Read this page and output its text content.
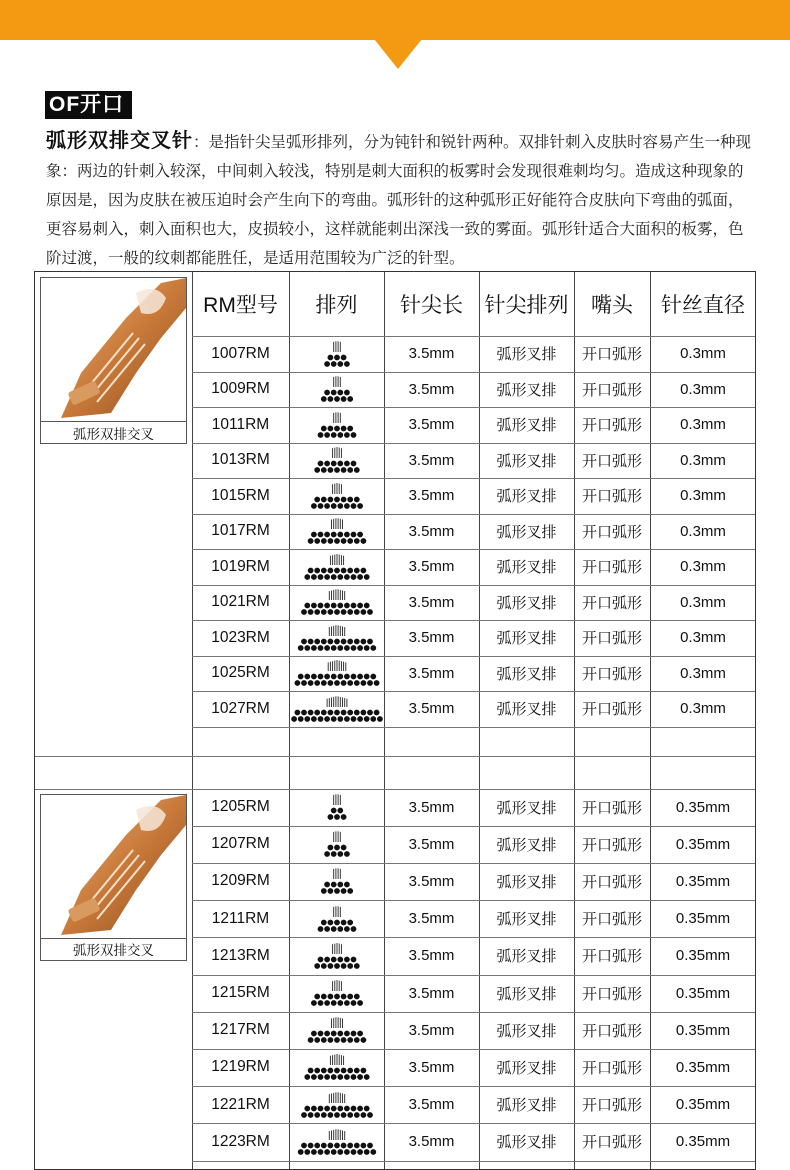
OF开口
弧形双排交叉针：是指针尖呈弧形排列，分为钝针和锐针两种。双排针刺入皮肤时容易产生一种现象：两边的针刺入较深，中间刺入较浅，特别是刺大面积的板雾时会发现很难刺均匀。造成这种现象的原因是，因为皮肤在被压迫时会产生向下的弯曲。弧形针的这种弧形正好能符合皮肤向下弯曲的弧面，更容易刺入，刺入面积也大，皮损较小，这样就能刺出深浅一致的雾面。弧形针适合大面积的板雾，色阶过渡，一般的纹刺都能胜任，是适用范围较为广泛的针型。
弧形双排交叉
弧形双排交叉
RM型号	排列	针尖长	针尖排列	嘴头	针丝直径
1007RM	3.5mm	弧形叉排	开口弧形	0.3mm
1009RM	3.5mm	弧形叉排	开口弧形	0.3mm
1011RM	3.5mm	弧形叉排	开口弧形	0.3mm
1013RM	3.5mm	弧形叉排	开口弧形	0.3mm
1015RM	3.5mm	弧形叉排	开口弧形	0.3mm
1017RM	3.5mm	弧形叉排	开口弧形	0.3mm
1019RM	3.5mm	弧形叉排	开口弧形	0.3mm
1021RM	3.5mm	弧形叉排	开口弧形	0.3mm
1023RM	3.5mm	弧形叉排	开口弧形	0.3mm
1025RM	3.5mm	弧形叉排	开口弧形	0.3mm
1027RM	3.5mm	弧形叉排	开口弧形	0.3mm
1205RM	3.5mm	弧形叉排	开口弧形	0.35mm
1207RM	3.5mm	弧形叉排	开口弧形	0.35mm
1209RM	3.5mm	弧形叉排	开口弧形	0.35mm
1211RM	3.5mm	弧形叉排	开口弧形	0.35mm
1213RM	3.5mm	弧形叉排	开口弧形	0.35mm
1215RM	3.5mm	弧形叉排	开口弧形	0.35mm
1217RM	3.5mm	弧形叉排	开口弧形	0.35mm
1219RM	3.5mm	弧形叉排	开口弧形	0.35mm
1221RM	3.5mm	弧形叉排	开口弧形	0.35mm
1223RM	3.5mm	弧形叉排	开口弧形	0.35mm
